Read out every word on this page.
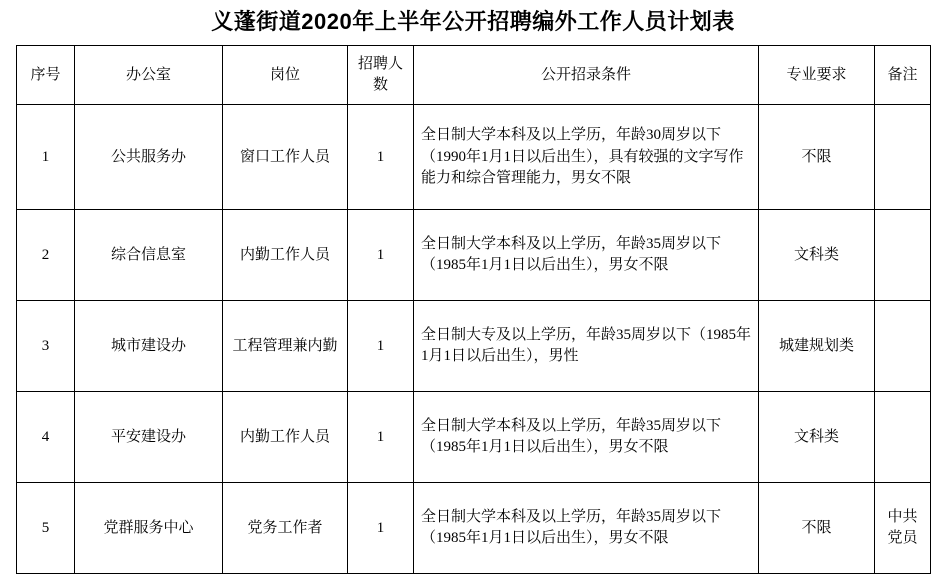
义蓬街道2020年上半年公开招聘编外工作人员计划表
序号	办公室	岗位	招聘人数	公开招录条件	专业要求	备注
1	公共服务办	窗口工作人员	1	全日制大学本科及以上学历，年龄30周岁以下（1990年1月1日以后出生），具有较强的文字写作能力和综合管理能力，男女不限	不限	
2	综合信息室	内勤工作人员	1	全日制大学本科及以上学历，年龄35周岁以下（1985年1月1日以后出生），男女不限	文科类	
3	城市建设办	工程管理兼内勤	1	全日制大专及以上学历，年龄35周岁以下（1985年1月1日以后出生），男性	城建规划类	
4	平安建设办	内勤工作人员	1	全日制大学本科及以上学历，年龄35周岁以下（1985年1月1日以后出生），男女不限	文科类	
5	党群服务中心	党务工作者	1	全日制大学本科及以上学历，年龄35周岁以下（1985年1月1日以后出生），男女不限	不限	中共党员
